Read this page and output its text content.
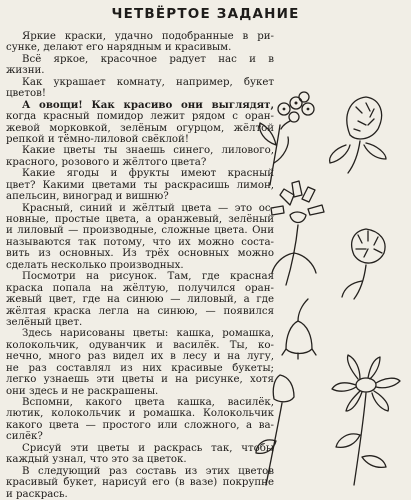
ЧЕТВЁРТОЕ ЗАДАНИЕ
Яркие краски, удачно подобранные в ри-
сунке, делают его нарядным и красивым.
Всё яркое, красочное радует нас и в
жизни.
Как украшает комнату, например, букет
цветов!
А овощи! Как красиво они выглядят,
когда красный помидор лежит рядом с оран-
жевой морковкой, зелёным огурцом, жёлтой
репкой и тёмно-лиловой свёклой!
Какие цветы ты знаешь синего, лилового,
красного, розового и жёлтого цвета?
Какие ягоды и фрукты имеют красный
цвет? Какими цветами ты раскрасишь лимон,
апельсин, виноград и вишню?
Красный, синий и жёлтый цвета — это ос-
новные, простые цвета, а оранжевый, зелёный
и лиловый — производные, сложные цвета. Они
называются так потому, что их можно соста-
вить из основных. Из трёх основных можно
сделать несколько производных.
Посмотри на рисунок. Там, где красная
краска попала на жёлтую, получился оран-
жевый цвет, где на синюю — лиловый, а где
жёлтая краска легла на синюю, — появился
зелёный цвет.
Здесь нарисованы цветы: кашка, ромашка,
колокольчик, одуванчик и василёк. Ты, ко-
нечно, много раз видел их в лесу и на лугу,
не раз составлял из них красивые букеты;
легко узнаешь эти цветы и на рисунке, хотя
они здесь и не раскрашены.
Вспомни, какого цвета кашка, василёк,
лютик, колокольчик и ромашка. Колокольчик
какого цвета — простого или сложного, а ва-
силёк?
Срисуй эти цветы и раскрась так, чтобы
каждый узнал, что это за цветок.
В следующий раз составь из этих цветов
красивый букет, нарисуй его (в вазе) покрупне
и раскрась.
